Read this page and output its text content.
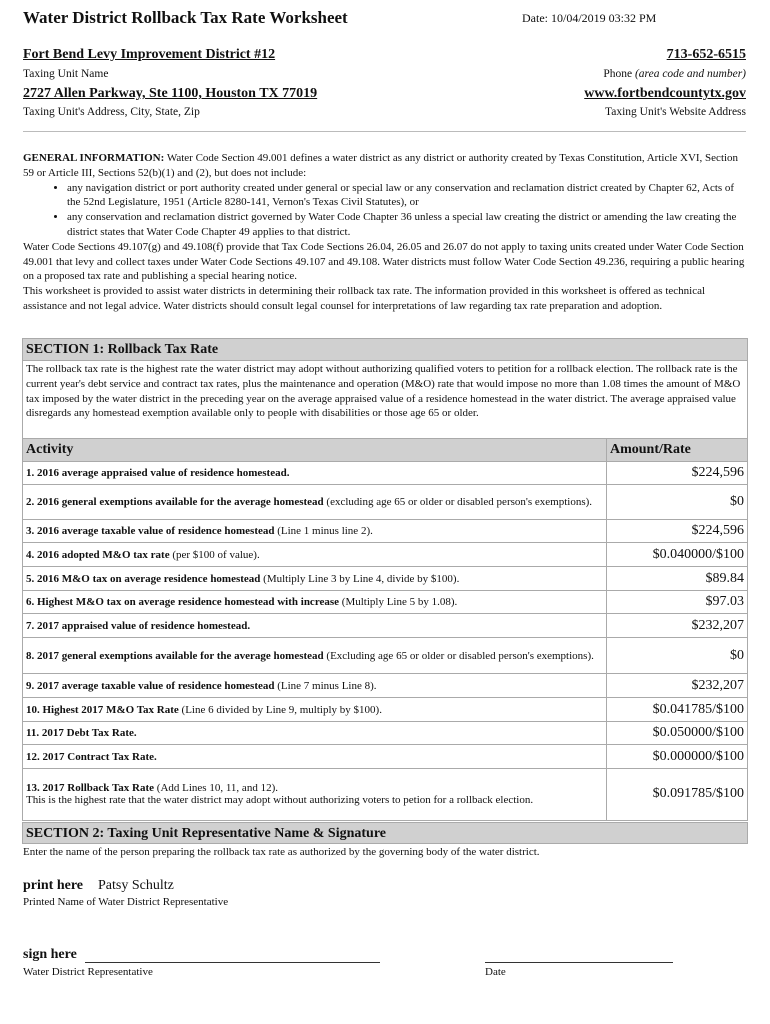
Water District Rollback Tax Rate Worksheet	Date: 10/04/2019 03:32 PM
Fort Bend Levy Improvement District #12
Taxing Unit Name
713-652-6515
Phone (area code and number)
2727 Allen Parkway, Ste 1100, Houston TX 77019
Taxing Unit's Address, City, State, Zip
www.fortbendcountytx.gov
Taxing Unit's Website Address

GENERAL INFORMATION: Water Code Section 49.001 defines a water district as any district or authority created by Texas Constitution, Article XVI, Section 59 or Article III, Sections 52(b)(1) and (2), but does not include:

• any navigation district or port authority created under general or special law or any conservation and reclamation district created by Chapter 62, Acts of the 52nd Legislature, 1951 (Article 8280-141, Vernon's Texas Civil Statutes), or
• any conservation and reclamation district governed by Water Code Chapter 36 unless a special law creating the district or amending the law creating the district states that Water Code Chapter 49 applies to that district.

Water Code Sections 49.107(g) and 49.108(f) provide that Tax Code Sections 26.04, 26.05 and 26.07 do not apply to taxing units created under Water Code Section 49.001 that levy and collect taxes under Water Code Sections 49.107 and 49.108. Water districts must follow Water Code Section 49.236, requiring a public hearing on a proposed tax rate and publishing a special hearing notice.

This worksheet is provided to assist water districts in determining their rollback tax rate. The information provided in this worksheet is offered as technical assistance and not legal advice. Water districts should consult legal counsel for interpretations of law regarding tax rate preparation and adoption.

SECTION 1: Rollback Tax Rate
The rollback tax rate is the highest rate the water district may adopt without authorizing qualified voters to petition for a rollback election. The rollback rate is the current year's debt service and contract tax rates, plus the maintenance and operation (M&O) rate that would impose no more than 1.08 times the amount of M&O tax imposed by the water district in the preceding year on the average appraised value of a residence homestead in the water district. The average appraised value disregards any homestead exemption available only to people with disabilities or those age 65 or older.
Activity	Amount/Rate
1. 2016 average appraised value of residence homestead.	$224,596
2. 2016 general exemptions available for the average homestead (excluding age 65 or older or disabled person's exemptions).	$0
3. 2016 average taxable value of residence homestead (Line 1 minus line 2).	$224,596
4. 2016 adopted M&O tax rate (per $100 of value).	$0.040000/$100
5. 2016 M&O tax on average residence homestead (Multiply Line 3 by Line 4, divide by $100).	$89.84
6. Highest M&O tax on average residence homestead with increase (Multiply Line 5 by 1.08).	$97.03
7. 2017 appraised value of residence homestead.	$232,207
8. 2017 general exemptions available for the average homestead (Excluding age 65 or older or disabled person's exemptions).	$0
9. 2017 average taxable value of residence homestead (Line 7 minus Line 8).	$232,207
10. Highest 2017 M&O Tax Rate (Line 6 divided by Line 9, multiply by $100).	$0.041785/$100
11. 2017 Debt Tax Rate.	$0.050000/$100
12. 2017 Contract Tax Rate.	$0.000000/$100
13. 2017 Rollback Tax Rate (Add Lines 10, 11, and 12).
This is the highest rate that the water district may adopt without authorizing voters to petion for a rollback election.	$0.091785/$100
SECTION 2: Taxing Unit Representative Name & Signature
Enter the name of the person preparing the rollback tax rate as authorized by the governing body of the water district.
print here Patsy Schultz
Printed Name of Water District Representative
sign here
Water District Representative	Date
